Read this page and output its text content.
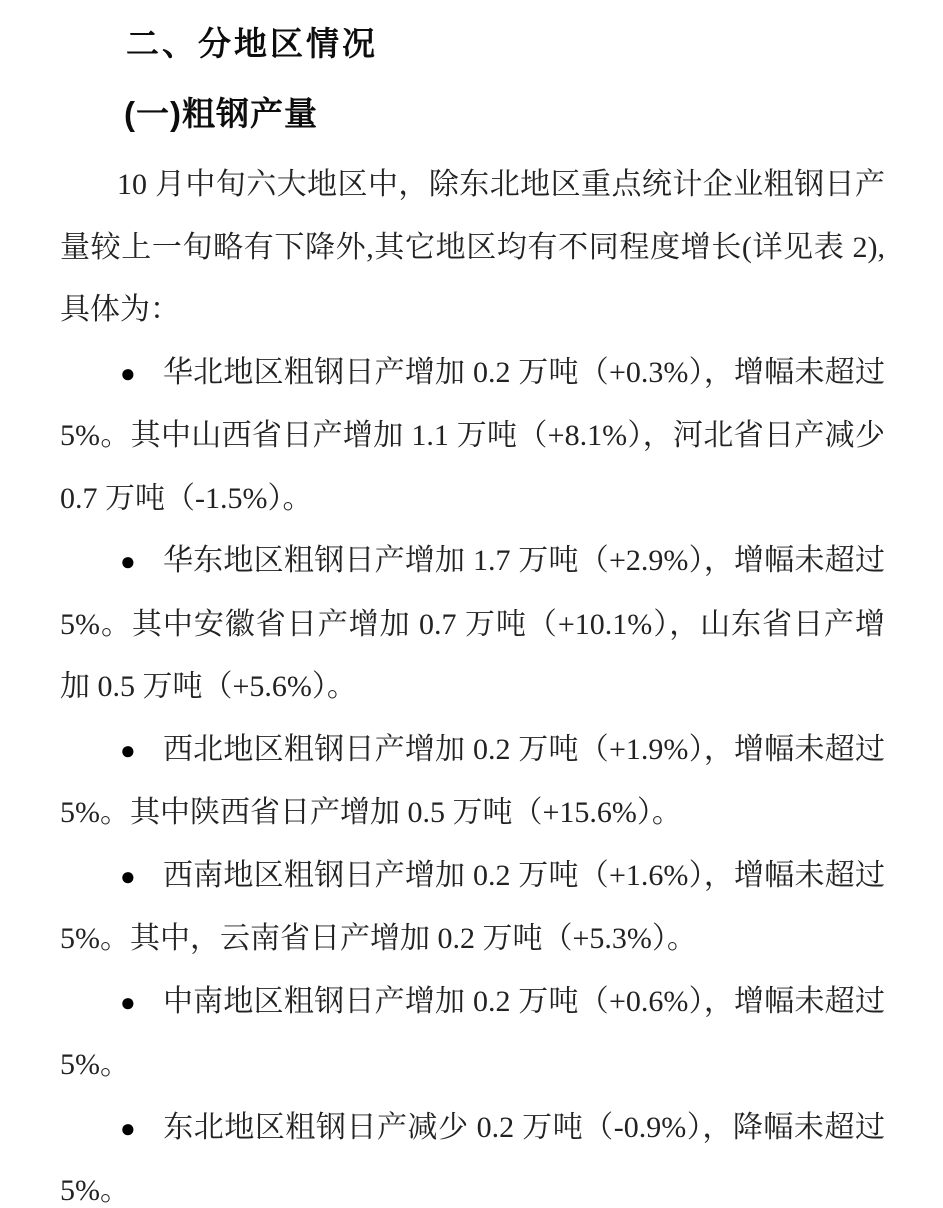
二、分地区情况
(一)粗钢产量

10 月中旬六大地区中，除东北地区重点统计企业粗钢日产量较上一旬略有下降外,其它地区均有不同程度增长(详见表 2),具体为：

● 华北地区粗钢日产增加 0.2 万吨（+0.3%），增幅未超过 5%。其中山西省日产增加 1.1 万吨（+8.1%），河北省日产减少 0.7 万吨（-1.5%）。

● 华东地区粗钢日产增加 1.7 万吨（+2.9%），增幅未超过 5%。其中安徽省日产增加 0.7 万吨（+10.1%），山东省日产增加 0.5 万吨（+5.6%）。

● 西北地区粗钢日产增加 0.2 万吨（+1.9%），增幅未超过 5%。其中陕西省日产增加 0.5 万吨（+15.6%）。

● 西南地区粗钢日产增加 0.2 万吨（+1.6%），增幅未超过 5%。其中，云南省日产增加 0.2 万吨（+5.3%）。

● 中南地区粗钢日产增加 0.2 万吨（+0.6%），增幅未超过 5%。

● 东北地区粗钢日产减少 0.2 万吨（-0.9%），降幅未超过 5%。
